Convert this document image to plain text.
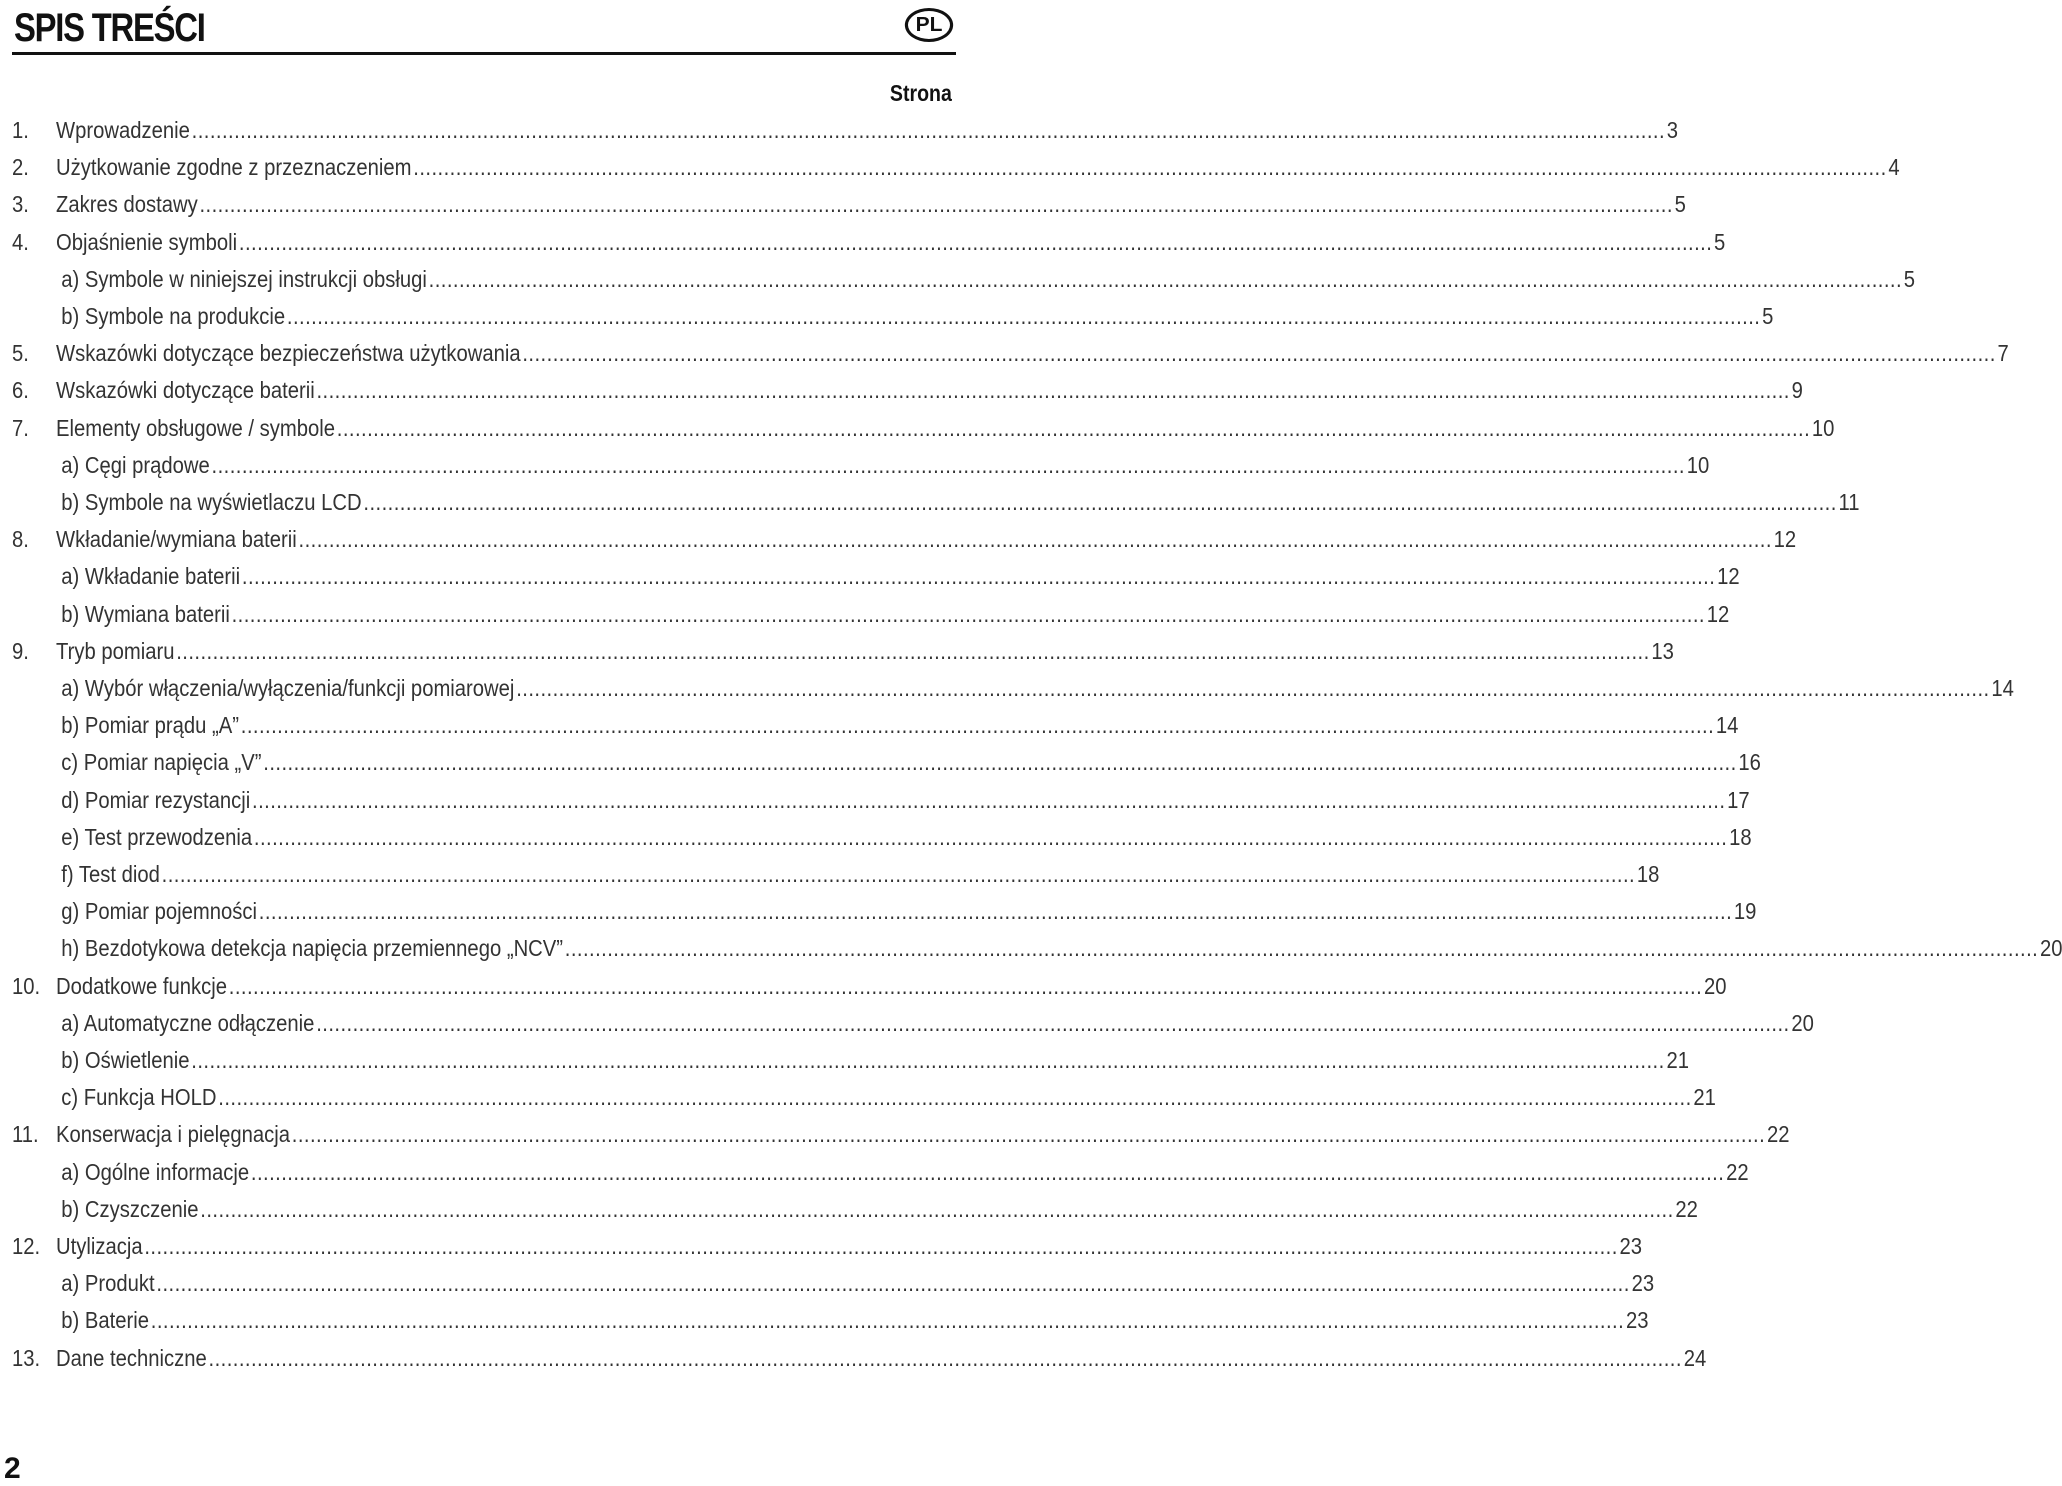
SPIS TREŚCI	PL
Strona
1.	Wprowadzenie .....	3
2.	Użytkowanie zgodne z przeznaczeniem .....	4
3.	Zakres dostawy .....	5
4.	Objaśnienie symboli .....	5
a) Symbole w niniejszej instrukcji obsługi .....	5
b) Symbole na produkcie .....	5
5.	Wskazówki dotyczące bezpieczeństwa użytkowania .....	7
6.	Wskazówki dotyczące baterii .....	9
7.	Elementy obsługowe / symbole .....	10
a) Cęgi prądowe .....	10
b) Symbole na wyświetlaczu LCD .....	11
8.	Wkładanie/wymiana baterii .....	12
a) Wkładanie baterii .....	12
b) Wymiana baterii .....	12
9.	Tryb pomiaru .....	13
a) Wybór włączenia/wyłączenia/funkcji pomiarowej .....	14
b) Pomiar prądu „A” .....	14
c) Pomiar napięcia „V” .....	16
d) Pomiar rezystancji .....	17
e) Test przewodzenia .....	18
f) Test diod .....	18
g) Pomiar pojemności .....	19
h) Bezdotykowa detekcja napięcia przemiennego „NCV” .....	20
10. Dodatkowe funkcje .....	20
a) Automatyczne odłączenie .....	20
b) Oświetlenie .....	21
c) Funkcja HOLD .....	21
11. Konserwacja i pielęgnacja .....	22
a) Ogólne informacje .....	22
b) Czyszczenie .....	22
12. Utylizacja .....	23
a) Produkt .....	23
b) Baterie .....	23
13. Dane techniczne .....	24
2
